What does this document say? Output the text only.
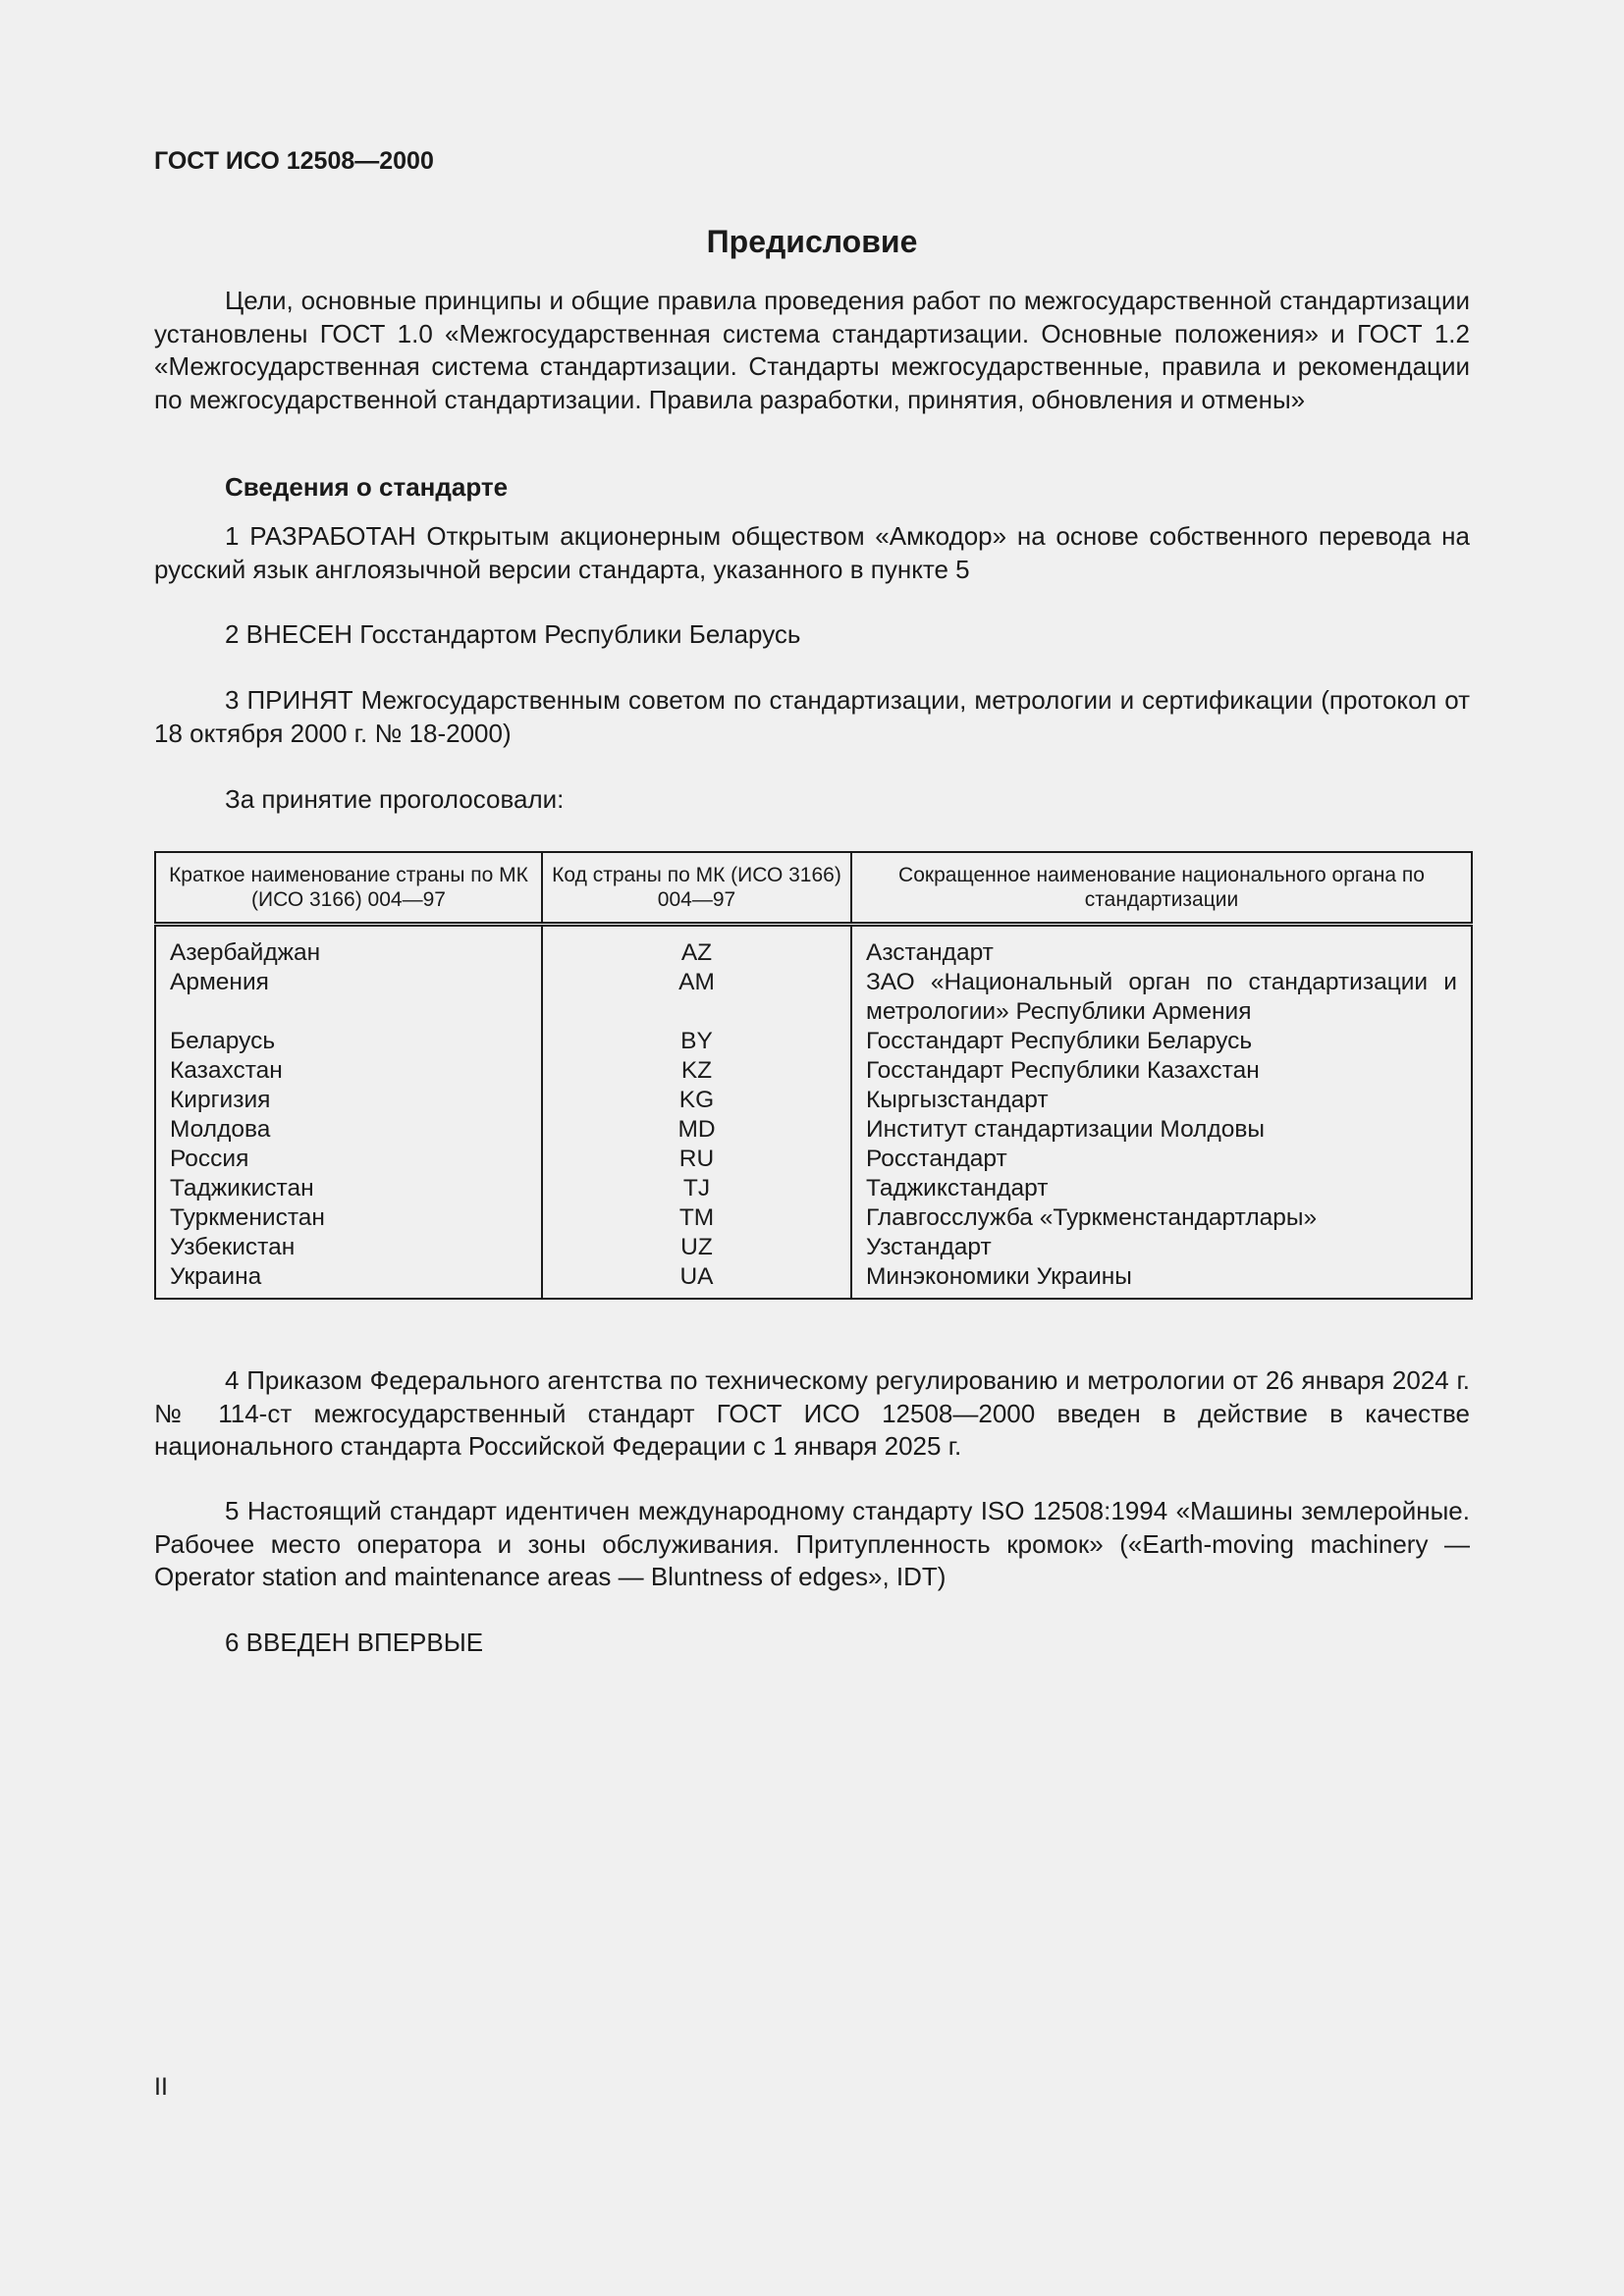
ГОСТ ИСО 12508—2000
Предисловие

Цели, основные принципы и общие правила проведения работ по межгосударственной стандартизации установлены ГОСТ 1.0 «Межгосударственная система стандартизации. Основные положения» и ГОСТ 1.2 «Межгосударственная система стандартизации. Стандарты межгосударственные, правила и рекомендации по межгосударственной стандартизации. Правила разработки, принятия, обновления и отмены»

Сведения о стандарте

1 РАЗРАБОТАН Открытым акционерным обществом «Амкодор» на основе собственного перевода на русский язык англоязычной версии стандарта, указанного в пункте 5

2 ВНЕСЕН Госстандартом Республики Беларусь

3 ПРИНЯТ Межгосударственным советом по стандартизации, метрологии и сертификации (протокол от 18 октября 2000 г. № 18-2000)

За принятие проголосовали:

Краткое наименование страны по МК (ИСО 3166) 004—97	Код страны по МК (ИСО 3166) 004—97	Сокращенное наименование национального органа по стандартизации
Азербайджан	AZ	Азстандарт
Армения	AM	ЗАО «Национальный орган по стандартизации и метрологии» Республики Армения
Беларусь	BY	Госстандарт Республики Беларусь
Казахстан	KZ	Госстандарт Республики Казахстан
Киргизия	KG	Кыргызстандарт
Молдова	MD	Институт стандартизации Молдовы
Россия	RU	Росстандарт
Таджикистан	TJ	Таджикстандарт
Туркменистан	TM	Главгосслужба «Туркменстандартлары»
Узбекистан	UZ	Узстандарт
Украина	UA	Минэкономики Украины

4 Приказом Федерального агентства по техническому регулированию и метрологии от 26 января 2024 г. № 114-ст межгосударственный стандарт ГОСТ ИСО 12508—2000 введен в действие в качестве национального стандарта Российской Федерации с 1 января 2025 г.

5 Настоящий стандарт идентичен международному стандарту ISO 12508:1994 «Машины землеройные. Рабочее место оператора и зоны обслуживания. Притупленность кромок» («Earth-moving machinery — Operator station and maintenance areas — Bluntness of edges», IDT)

6 ВВЕДЕН ВПЕРВЫЕ

II
